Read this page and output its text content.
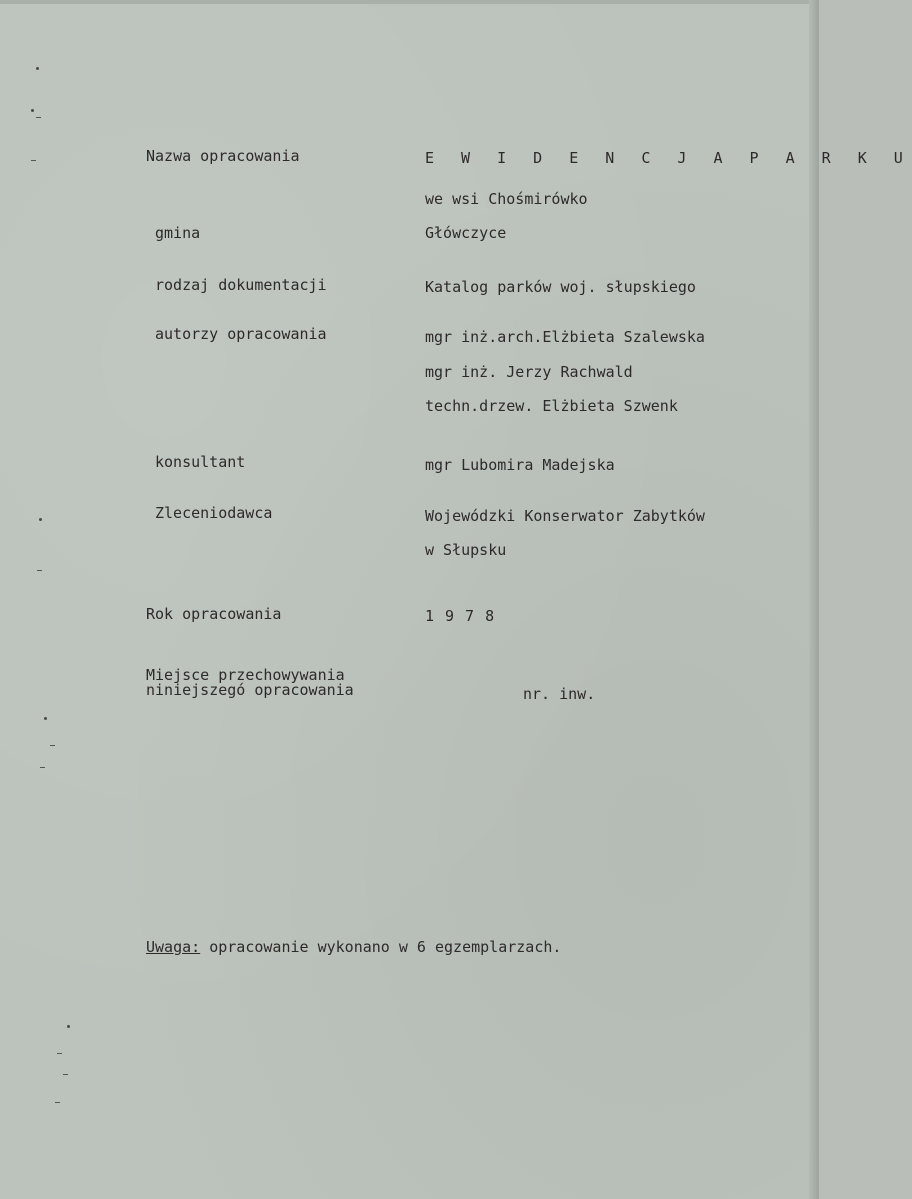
Nazwa opracowania	E W I D E N C J A P A R K U
we wsi Chośmirówko
gmina	Główczyce
rodzaj dokumentacji	Katalog parków woj. słupskiego
autorzy opracowania	mgr inż.arch.Elżbieta Szalewska
mgr inż. Jerzy Rachwald
techn.drzew. Elżbieta Szwenk
konsultant	mgr Lubomira Madejska
Zleceniodawca	Wojewódzki Konserwator Zabytków
w Słupsku
Rok opracowania	1978
Miejsce przechowywania
niniejszegó opracowania	nr. inw.
Uwaga: opracowanie wykonano w 6 egzemplarzach.
